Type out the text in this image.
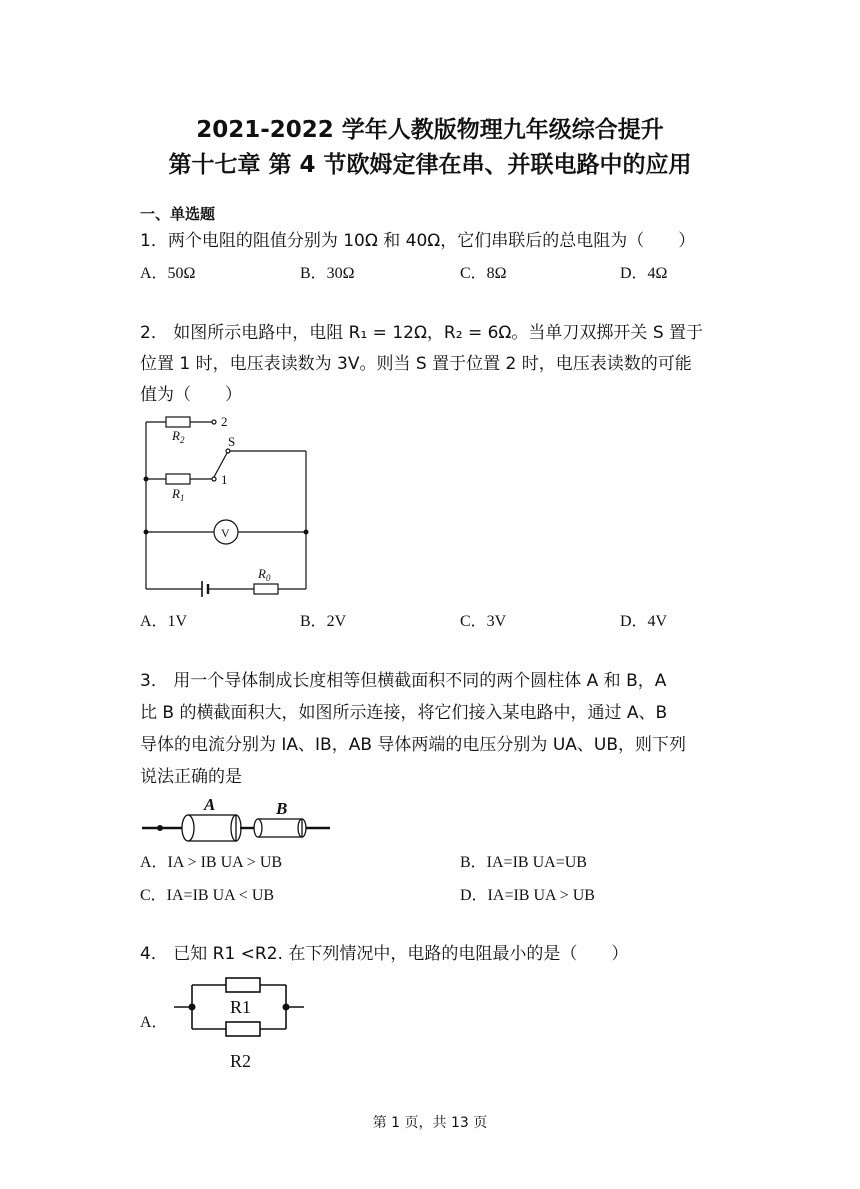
2021-2022 学年人教版物理九年级综合提升
第十七章 第 4 节欧姆定律在串、并联电路中的应用
一、单选题
1．两个电阻的阻值分别为 10Ω 和 40Ω，它们串联后的总电阻为（　　）
A．50Ω	B．30Ω	C．8Ω	D．4Ω
2． 如图所示电路中，电阻 R₁ = 12Ω，R₂ = 6Ω。当单刀双掷开关 S 置于
位置 1 时，电压表读数为 3V。则当 S 置于位置 2 时，电压表读数的可能
值为（　　）
$R_2$
2
S
1
$R_1$
V
$R_0$
A．1V	B．2V	C．3V	D．4V
3． 用一个导体制成长度相等但横截面积不同的两个圆柱体 A 和 B，A
比 B 的横截面积大，如图所示连接，将它们接入某电路中，通过 A、B
导体的电流分别为 IA、IB，AB 导体两端的电压分别为 UA、UB，则下列
说法正确的是
A	B
A．IA > IB UA > UB	B．IA=IB UA=UB
C．IA=IB UA < UB	D．IA=IB UA > UB
4． 已知 R1 <R2. 在下列情况中，电路的电阻最小的是（　　）
A．
R1
R2
第 1 页，共 13 页
